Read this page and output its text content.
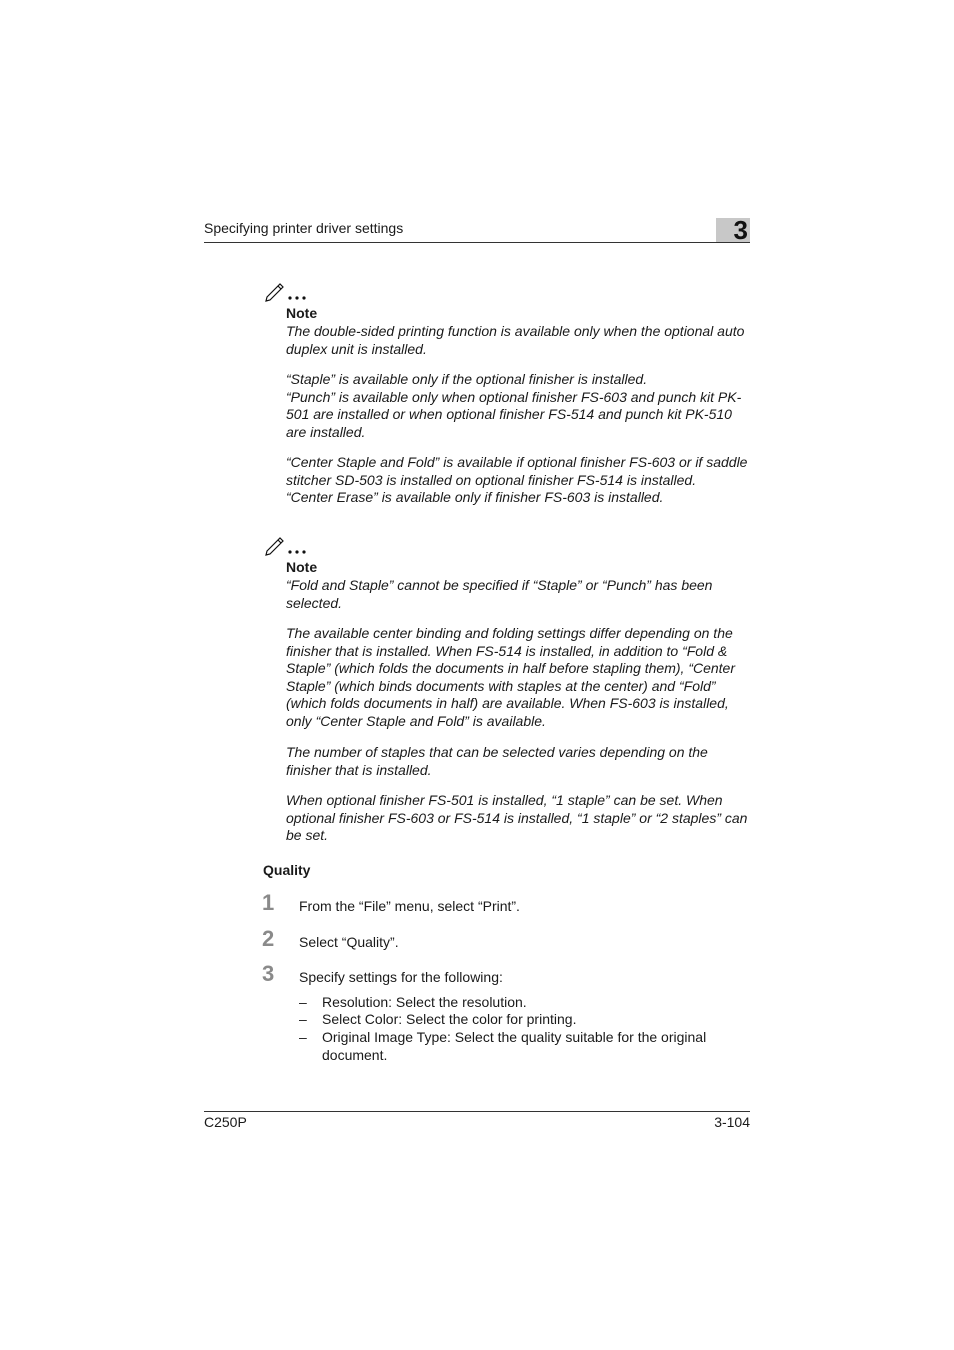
Specifying printer driver settings	3
Note
The double-sided printing function is available only when the optional auto duplex unit is installed.
“Staple” is available only if the optional finisher is installed.
“Punch” is available only when optional finisher FS-603 and punch kit PK-501 are installed or when optional finisher FS-514 and punch kit PK-510 are installed.
“Center Staple and Fold” is available if optional finisher FS-603 or if saddle stitcher SD-503 is installed on optional finisher FS-514 is installed.
“Center Erase” is available only if finisher FS-603 is installed.
Note
“Fold and Staple” cannot be specified if “Staple” or “Punch” has been selected.
The available center binding and folding settings differ depending on the finisher that is installed. When FS-514 is installed, in addition to “Fold & Staple” (which folds the documents in half before stapling them), “Center Staple” (which binds documents with staples at the center) and “Fold” (which folds documents in half) are available. When FS-603 is installed, only “Center Staple and Fold” is available.
The number of staples that can be selected varies depending on the finisher that is installed.
When optional finisher FS-501 is installed, “1 staple” can be set. When optional finisher FS-603 or FS-514 is installed, “1 staple” or “2 staples” can be set.
Quality
1 From the “File” menu, select “Print”.
2 Select “Quality”.
3 Specify settings for the following:
– Resolution: Select the resolution.
– Select Color: Select the color for printing.
– Original Image Type: Select the quality suitable for the original document.
C250P	3-104
